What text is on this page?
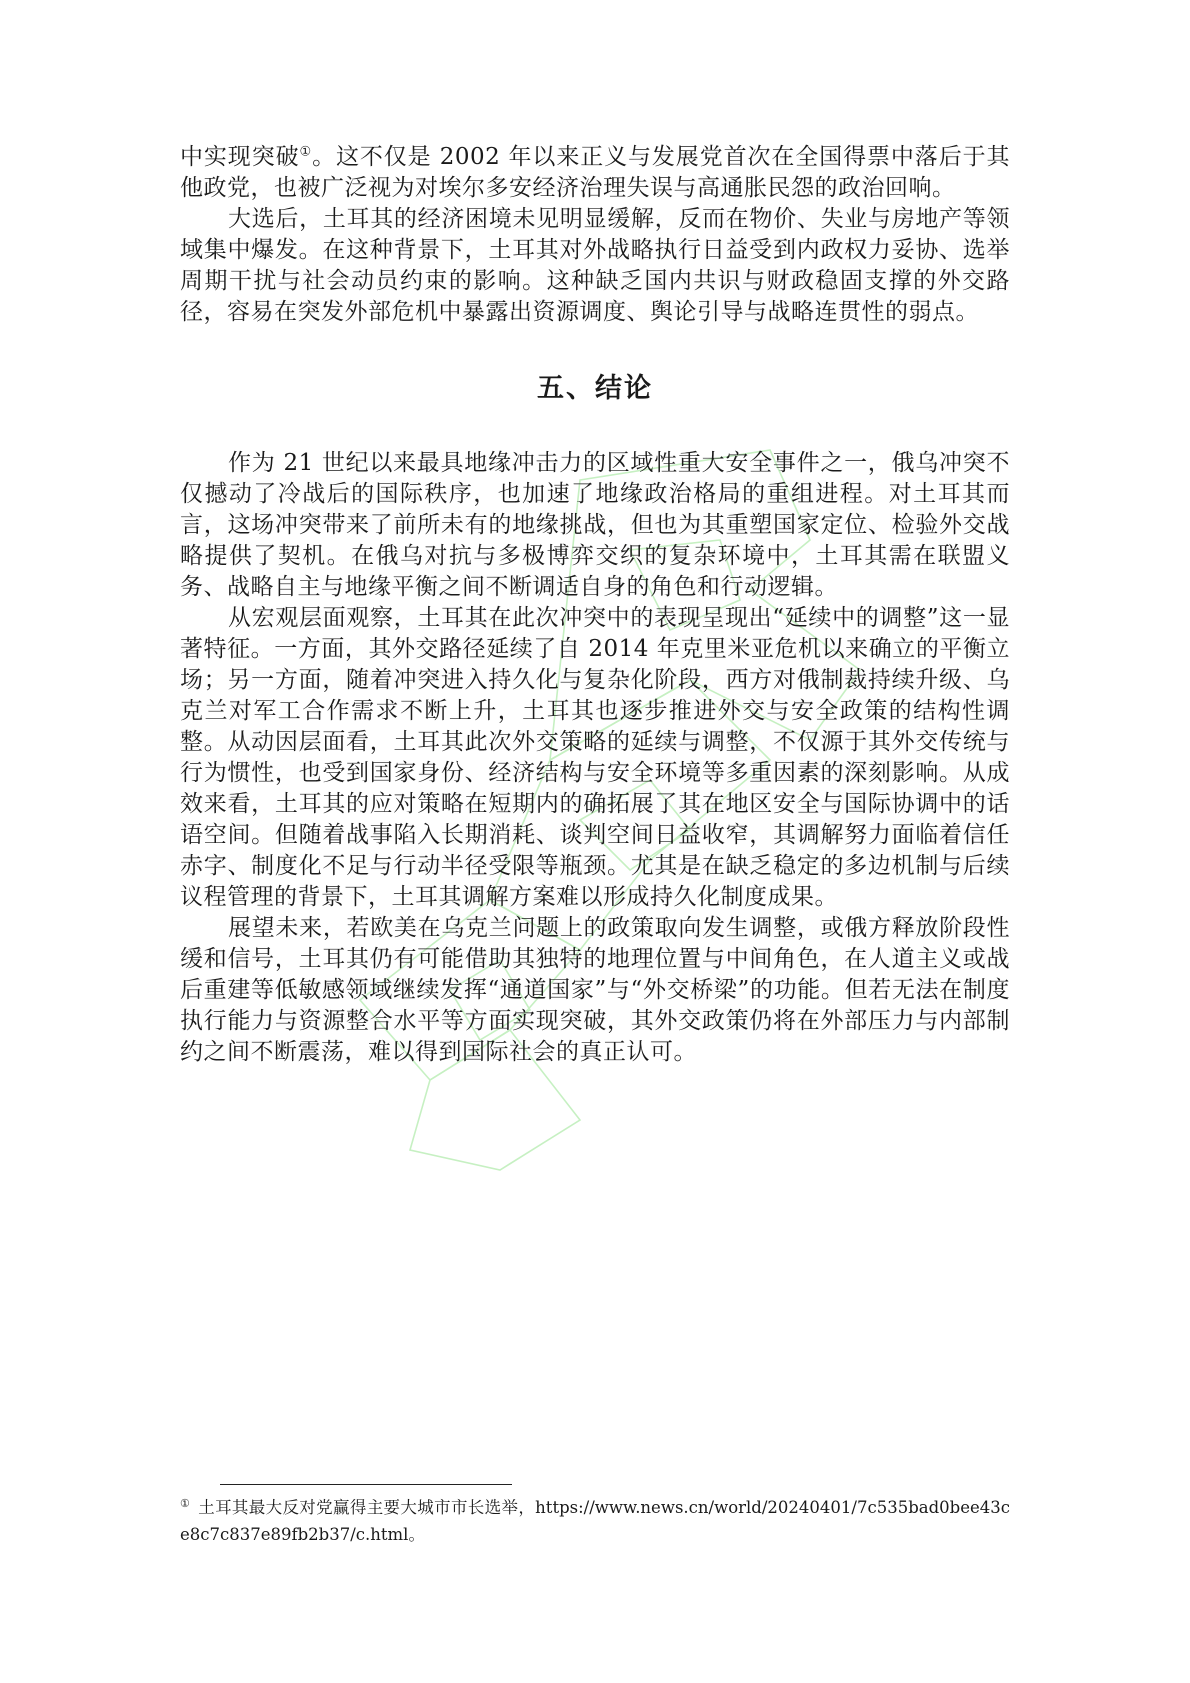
中实现突破①。这不仅是 2002 年以来正义与发展党首次在全国得票中落后于其他政党，也被广泛视为对埃尔多安经济治理失误与高通胀民怨的政治回响。

大选后，土耳其的经济困境未见明显缓解，反而在物价、失业与房地产等领域集中爆发。在这种背景下，土耳其对外战略执行日益受到内政权力妥协、选举周期干扰与社会动员约束的影响。这种缺乏国内共识与财政稳固支撑的外交路径，容易在突发外部危机中暴露出资源调度、舆论引导与战略连贯性的弱点。

五、结论

作为 21 世纪以来最具地缘冲击力的区域性重大安全事件之一，俄乌冲突不仅撼动了冷战后的国际秩序，也加速了地缘政治格局的重组进程。对土耳其而言，这场冲突带来了前所未有的地缘挑战，但也为其重塑国家定位、检验外交战略提供了契机。在俄乌对抗与多极博弈交织的复杂环境中，土耳其需在联盟义务、战略自主与地缘平衡之间不断调适自身的角色和行动逻辑。

从宏观层面观察，土耳其在此次冲突中的表现呈现出“延续中的调整”这一显著特征。一方面，其外交路径延续了自 2014 年克里米亚危机以来确立的平衡立场；另一方面，随着冲突进入持久化与复杂化阶段，西方对俄制裁持续升级、乌克兰对军工合作需求不断上升，土耳其也逐步推进外交与安全政策的结构性调整。从动因层面看，土耳其此次外交策略的延续与调整，不仅源于其外交传统与行为惯性，也受到国家身份、经济结构与安全环境等多重因素的深刻影响。从成效来看，土耳其的应对策略在短期内的确拓展了其在地区安全与国际协调中的话语空间。但随着战事陷入长期消耗、谈判空间日益收窄，其调解努力面临着信任赤字、制度化不足与行动半径受限等瓶颈。尤其是在缺乏稳定的多边机制与后续议程管理的背景下，土耳其调解方案难以形成持久化制度成果。

展望未来，若欧美在乌克兰问题上的政策取向发生调整，或俄方释放阶段性缓和信号，土耳其仍有可能借助其独特的地理位置与中间角色，在人道主义或战后重建等低敏感领域继续发挥“通道国家”与“外交桥梁”的功能。但若无法在制度执行能力与资源整合水平等方面实现突破，其外交政策仍将在外部压力与内部制约之间不断震荡，难以得到国际社会的真正认可。

① 土耳其最大反对党赢得主要大城市市长选举，https://www.news.cn/world/20240401/7c535bad0bee43ce8c7c837e89fb2b37/c.html。
